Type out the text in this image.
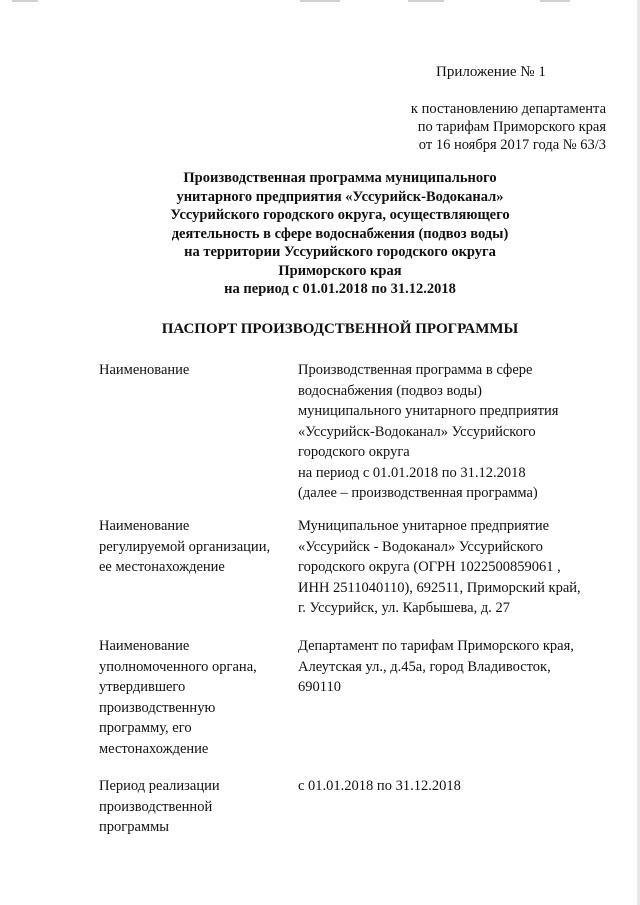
Приложение № 1
к постановлению департамента
по тарифам Приморского края
от 16 ноября 2017 года № 63/3
Производственная программа муниципального
унитарного предприятия «Уссурийск-Водоканал»
Уссурийского городского округа, осуществляющего
деятельность в сфере водоснабжения (подвоз воды)
на территории Уссурийского городского округа
Приморского края
на период с 01.01.2018 по 31.12.2018
ПАСПОРТ ПРОИЗВОДСТВЕННОЙ ПРОГРАММЫ
Наименование	Производственная программа в сфере
водоснабжения (подвоз воды)
муниципального унитарного предприятия
«Уссурийск-Водоканал» Уссурийского
городского округа
на период с 01.01.2018 по 31.12.2018
(далее – производственная программа)
Наименование
регулируемой организации,
ее местонахождение
Муниципальное унитарное предприятие
«Уссурийск - Водоканал» Уссурийского
городского округа (ОГРН 1022500859061 ,
ИНН 2511040110), 692511, Приморский край,
г. Уссурийск, ул. Карбышева, д. 27
Наименование
уполномоченного органа,
утвердившего
производственную
программу, его
местонахождение
Департамент по тарифам Приморского края,
Алеутская ул., д.45а, город Владивосток,
690110
Период реализации
производственной
программы
с 01.01.2018 по 31.12.2018
